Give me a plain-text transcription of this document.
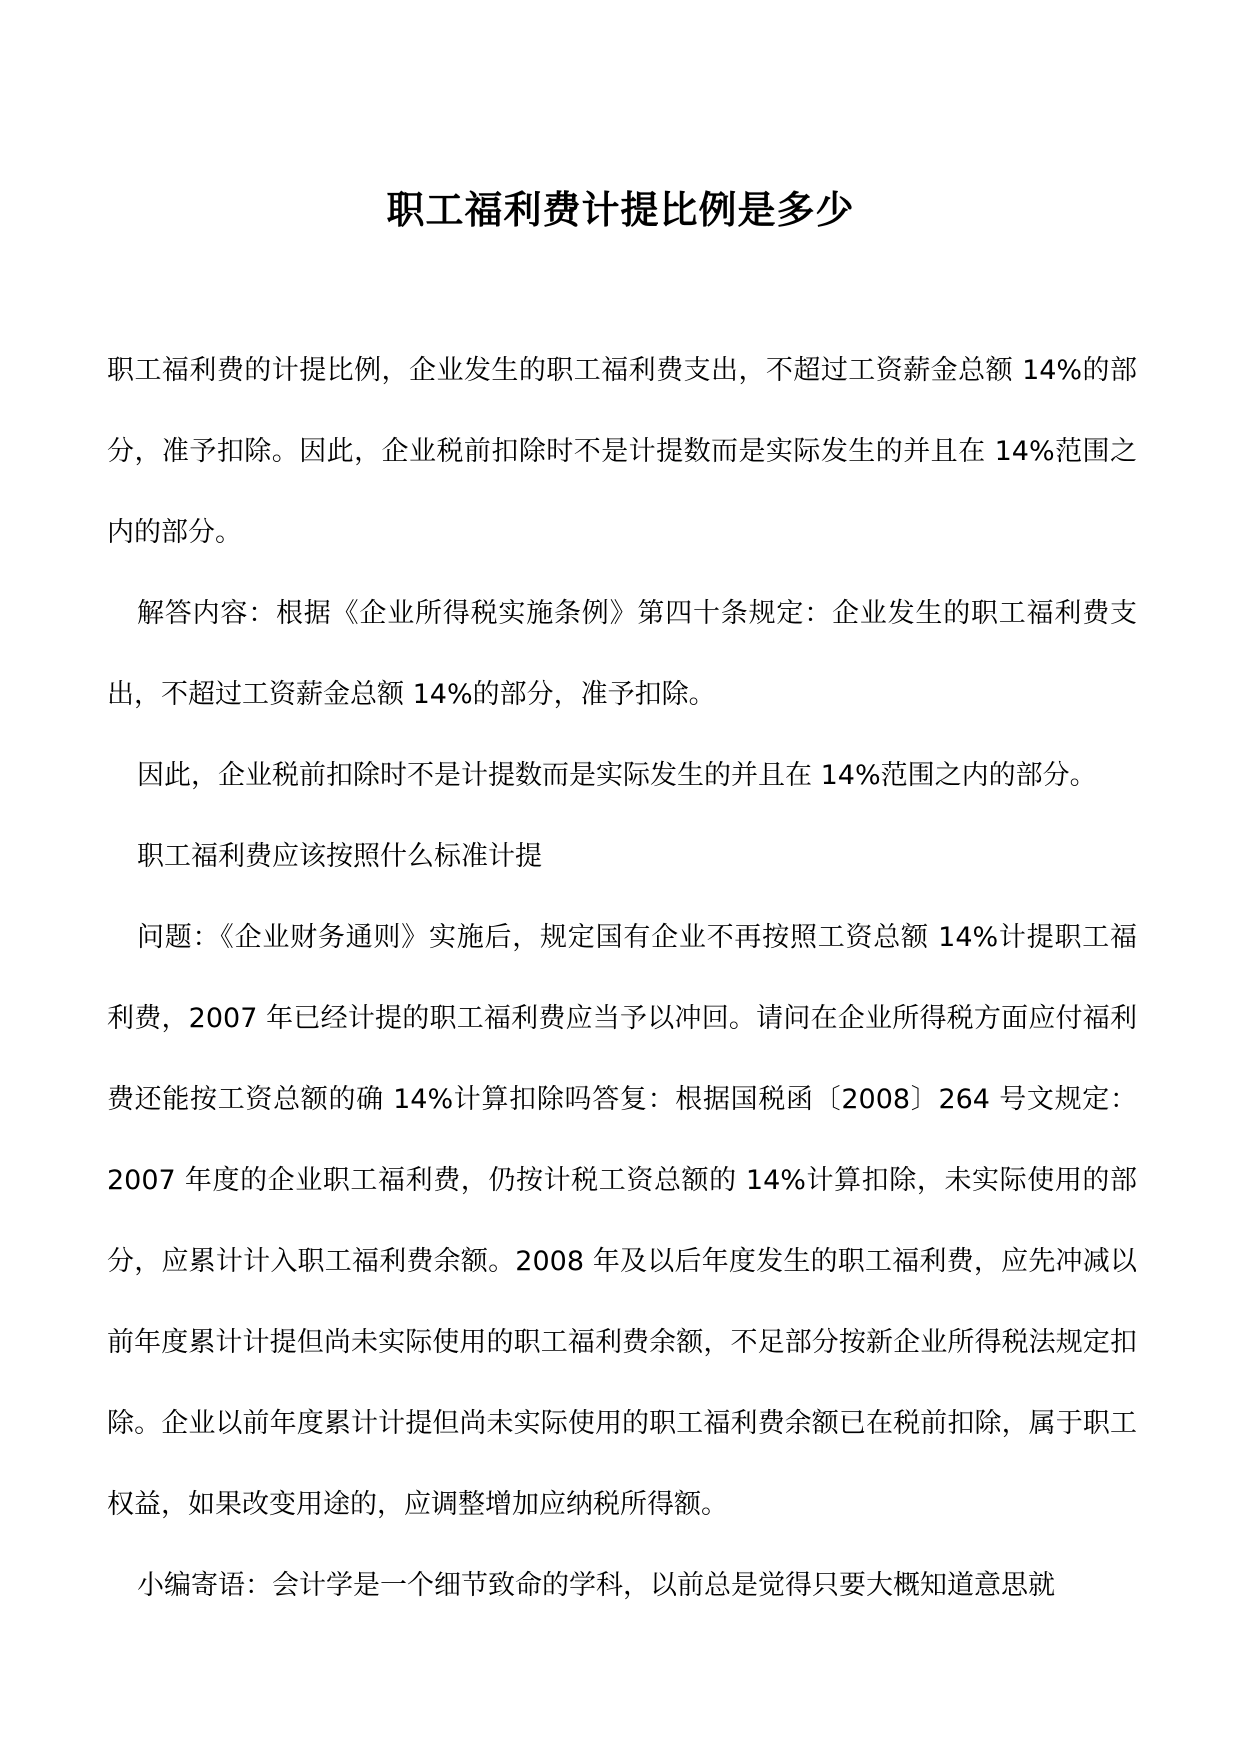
职工福利费计提比例是多少

职工福利费的计提比例，企业发生的职工福利费支出，不超过工资薪金总额 14%的部分，准予扣除。因此，企业税前扣除时不是计提数而是实际发生的并且在 14%范围之内的部分。

解答内容：根据《企业所得税实施条例》第四十条规定：企业发生的职工福利费支出，不超过工资薪金总额 14%的部分，准予扣除。

因此，企业税前扣除时不是计提数而是实际发生的并且在 14%范围之内的部分。

职工福利费应该按照什么标准计提

问题：《企业财务通则》实施后，规定国有企业不再按照工资总额 14%计提职工福利费，2007 年已经计提的职工福利费应当予以冲回。请问在企业所得税方面应付福利费还能按工资总额的确 14%计算扣除吗答复：根据国税函〔2008〕264 号文规定：2007 年度的企业职工福利费，仍按计税工资总额的 14%计算扣除，未实际使用的部分，应累计计入职工福利费余额。2008 年及以后年度发生的职工福利费，应先冲减以前年度累计计提但尚未实际使用的职工福利费余额，不足部分按新企业所得税法规定扣除。企业以前年度累计计提但尚未实际使用的职工福利费余额已在税前扣除，属于职工权益，如果改变用途的，应调整增加应纳税所得额。

小编寄语：会计学是一个细节致命的学科，以前总是觉得只要大概知道意思就
